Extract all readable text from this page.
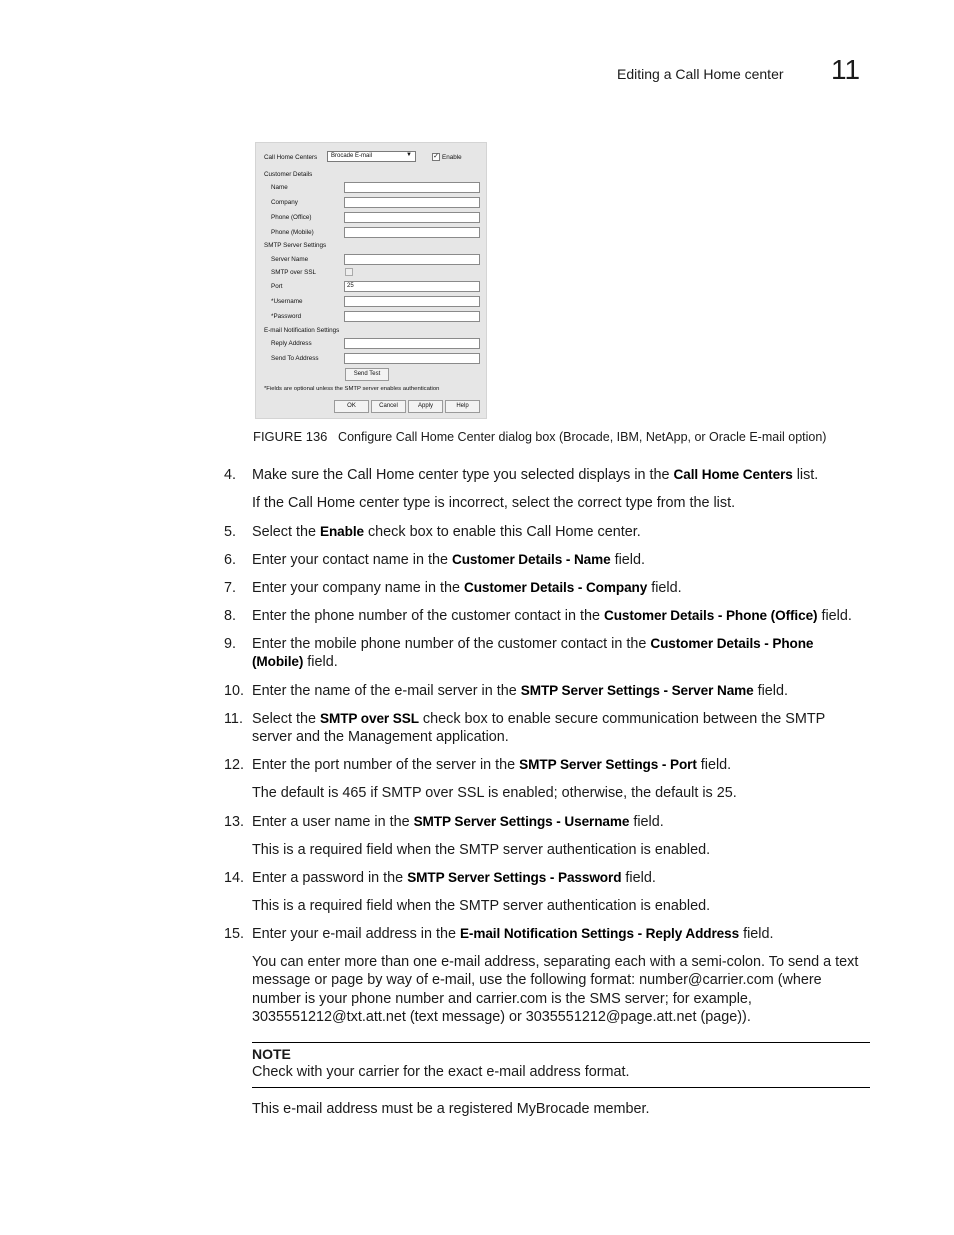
Editing a Call Home center 11
Call Home Centers	Brocade E-mail	▼	✓ Enable
Customer Details
Name
Company
Phone (Office)
Phone (Mobile)
SMTP Server Settings
Server Name
SMTP over SSL
Port	25
*Username
*Password
E-mail Notification Settings
Reply Address
Send To Address
Send Test
*Fields are optional unless the SMTP server enables authentication
OK	Cancel	Apply	Help
FIGURE 136 Configure Call Home Center dialog box (Brocade, IBM, NetApp, or Oracle E-mail option)
4.	Make sure the Call Home center type you selected displays in the Call Home Centers list.
If the Call Home center type is incorrect, select the correct type from the list.
5.	Select the Enable check box to enable this Call Home center.
6.	Enter your contact name in the Customer Details - Name field.
7.	Enter your company name in the Customer Details - Company field.
8.	Enter the phone number of the customer contact in the Customer Details - Phone (Office) field.
9.	Enter the mobile phone number of the customer contact in the Customer Details - Phone (Mobile) field.
10. Enter the name of the e-mail server in the SMTP Server Settings - Server Name field.
11. Select the SMTP over SSL check box to enable secure communication between the SMTP server and the Management application.
12. Enter the port number of the server in the SMTP Server Settings - Port field.
The default is 465 if SMTP over SSL is enabled; otherwise, the default is 25.
13. Enter a user name in the SMTP Server Settings - Username field.
This is a required field when the SMTP server authentication is enabled.
14. Enter a password in the SMTP Server Settings - Password field.
This is a required field when the SMTP server authentication is enabled.
15. Enter your e-mail address in the E-mail Notification Settings - Reply Address field.
You can enter more than one e-mail address, separating each with a semi-colon. To send a text message or page by way of e-mail, use the following format: number@carrier.com (where number is your phone number and carrier.com is the SMS server; for example, 3035551212@txt.att.net (text message) or 3035551212@page.att.net (page)).
NOTE
Check with your carrier for the exact e-mail address format.
This e-mail address must be a registered MyBrocade member.
